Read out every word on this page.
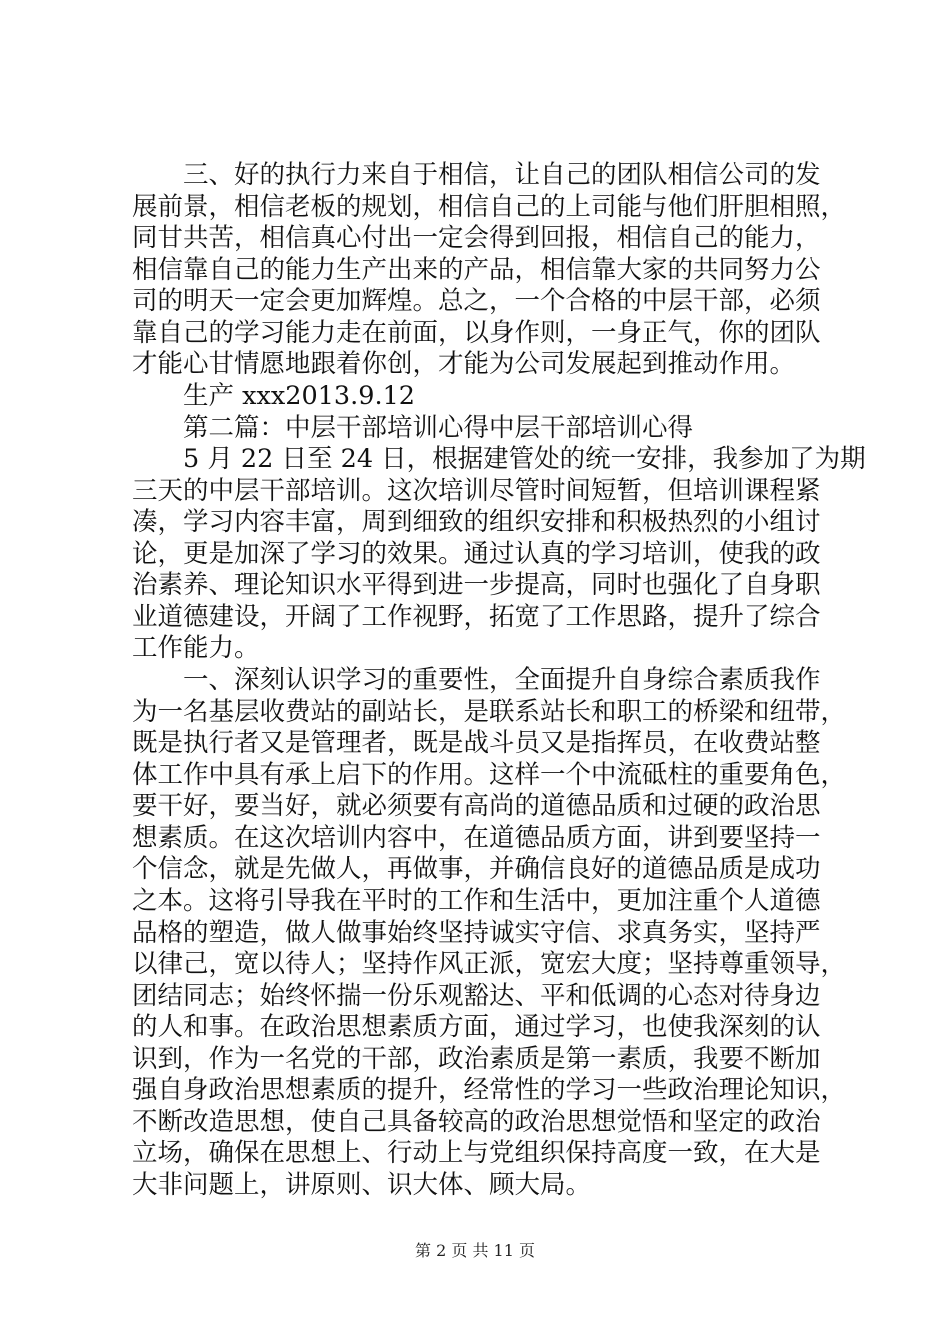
　　三、好的执行力来自于相信，让自己的团队相信公司的发

展前景，相信老板的规划，相信自己的上司能与他们肝胆相照，

同甘共苦，相信真心付出一定会得到回报，相信自己的能力，

相信靠自己的能力生产出来的产品，相信靠大家的共同努力公

司的明天一定会更加辉煌。总之，一个合格的中层干部，必须

靠自己的学习能力走在前面，以身作则，一身正气，你的团队

才能心甘情愿地跟着你创，才能为公司发展起到推动作用。

　　生产 xxx2013.9.12

　　第二篇：中层干部培训心得中层干部培训心得

　　5 月 22 日至 24 日，根据建管处的统一安排，我参加了为期

三天的中层干部培训。这次培训尽管时间短暂，但培训课程紧

凑，学习内容丰富，周到细致的组织安排和积极热烈的小组讨

论，更是加深了学习的效果。通过认真的学习培训，使我的政

治素养、理论知识水平得到进一步提高，同时也强化了自身职

业道德建设，开阔了工作视野，拓宽了工作思路，提升了综合

工作能力。

　　一、深刻认识学习的重要性，全面提升自身综合素质我作

为一名基层收费站的副站长，是联系站长和职工的桥梁和纽带，

既是执行者又是管理者，既是战斗员又是指挥员，在收费站整

体工作中具有承上启下的作用。这样一个中流砥柱的重要角色，

要干好，要当好，就必须要有高尚的道德品质和过硬的政治思

想素质。在这次培训内容中，在道德品质方面，讲到要坚持一

个信念，就是先做人，再做事，并确信良好的道德品质是成功

之本。这将引导我在平时的工作和生活中，更加注重个人道德

品格的塑造，做人做事始终坚持诚实守信、求真务实，坚持严

以律己，宽以待人；坚持作风正派，宽宏大度；坚持尊重领导，

团结同志；始终怀揣一份乐观豁达、平和低调的心态对待身边

的人和事。在政治思想素质方面，通过学习，也使我深刻的认

识到，作为一名党的干部，政治素质是第一素质，我要不断加

强自身政治思想素质的提升，经常性的学习一些政治理论知识，

不断改造思想，使自己具备较高的政治思想觉悟和坚定的政治

立场，确保在思想上、行动上与党组织保持高度一致，在大是

大非问题上，讲原则、识大体、顾大局。

第 2 页 共 11 页
